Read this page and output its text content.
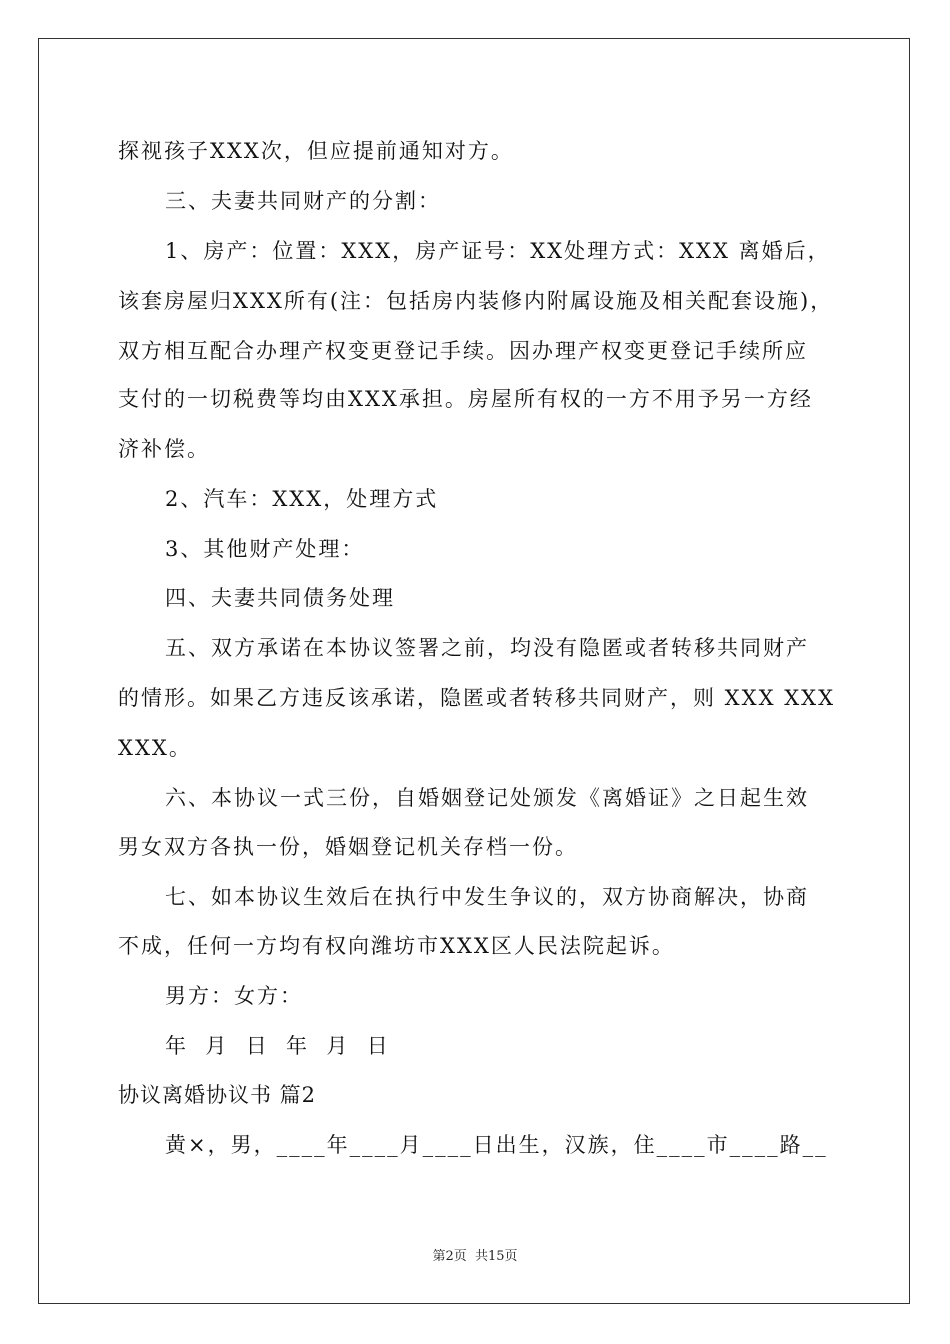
探视孩子XXX次，但应提前通知对方。
三、夫妻共同财产的分割：
1、房产：位置：XXX，房产证号：XX处理方式：XXX 离婚后，
该套房屋归XXX所有(注：包括房内装修内附属设施及相关配套设施)，
双方相互配合办理产权变更登记手续。因办理产权变更登记手续所应
支付的一切税费等均由XXX承担。房屋所有权的一方不用予另一方经
济补偿。
2、汽车：XXX，处理方式
3、其他财产处理：
四、夫妻共同债务处理
五、双方承诺在本协议签署之前，均没有隐匿或者转移共同财产
的情形。如果乙方违反该承诺，隐匿或者转移共同财产，则 XXX XXX
XXX。
六、本协议一式三份，自婚姻登记处颁发《离婚证》之日起生效
男女双方各执一份，婚姻登记机关存档一份。
七、如本协议生效后在执行中发生争议的，双方协商解决，协商
不成，任何一方均有权向潍坊市XXX区人民法院起诉。
男方：女方：
年  月  日  年  月  日
协议离婚协议书 篇2
黄×，男，____年____月____日出生，汉族，住____市____路__
第2页 共15页
